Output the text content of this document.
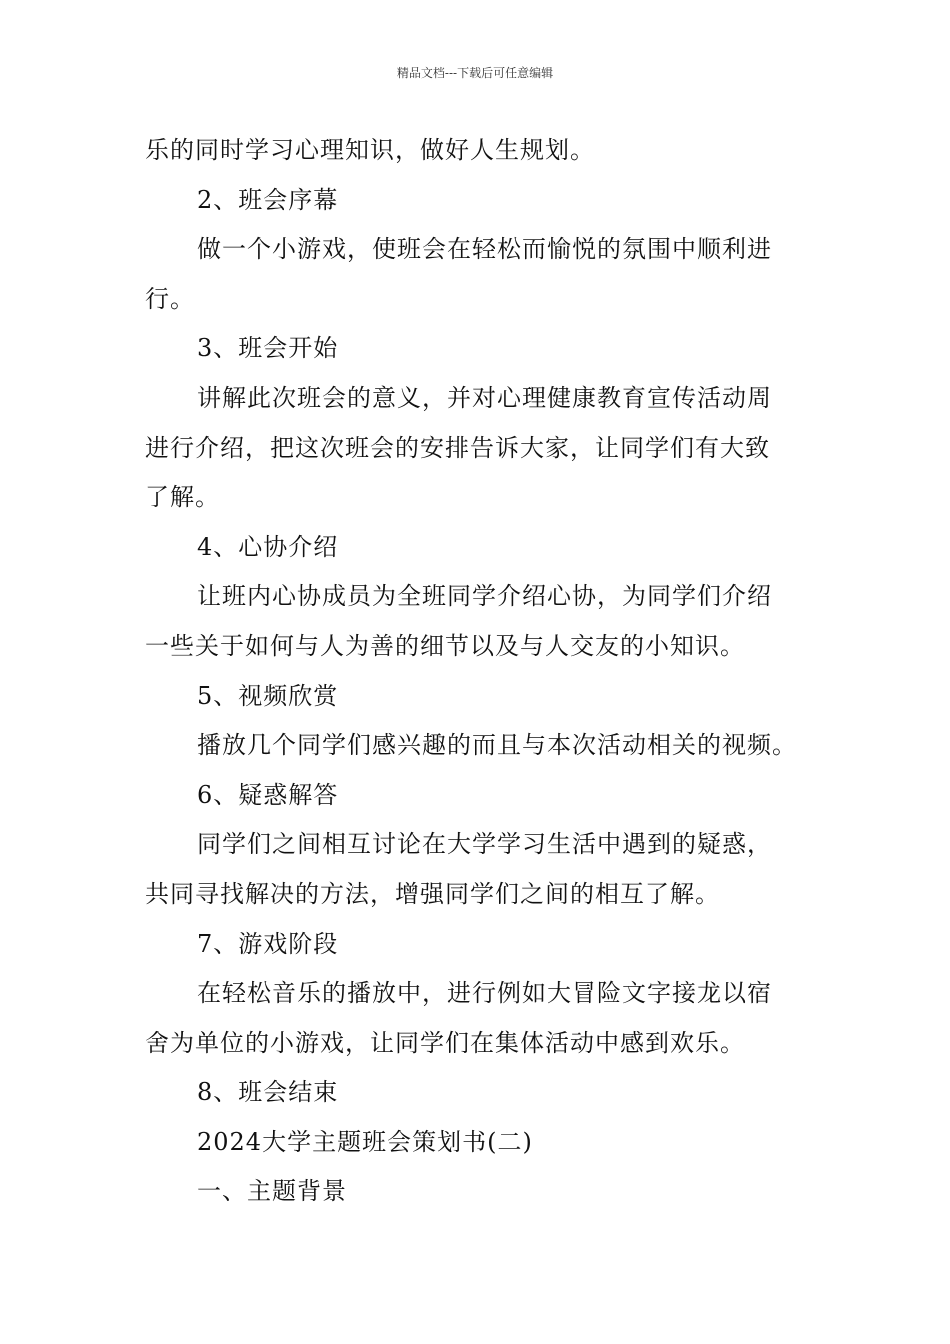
精品文档---下载后可任意编辑
乐的同时学习心理知识，做好人生规划。
2、班会序幕
做一个小游戏，使班会在轻松而愉悦的氛围中顺利进
行。
3、班会开始
讲解此次班会的意义，并对心理健康教育宣传活动周
进行介绍，把这次班会的安排告诉大家，让同学们有大致
了解。
4、心协介绍
让班内心协成员为全班同学介绍心协，为同学们介绍
一些关于如何与人为善的细节以及与人交友的小知识。
5、视频欣赏
播放几个同学们感兴趣的而且与本次活动相关的视频。
6、疑惑解答
同学们之间相互讨论在大学学习生活中遇到的疑惑，
共同寻找解决的方法，增强同学们之间的相互了解。
7、游戏阶段
在轻松音乐的播放中，进行例如大冒险文字接龙以宿
舍为单位的小游戏，让同学们在集体活动中感到欢乐。
8、班会结束
2024大学主题班会策划书(二)
一、主题背景
